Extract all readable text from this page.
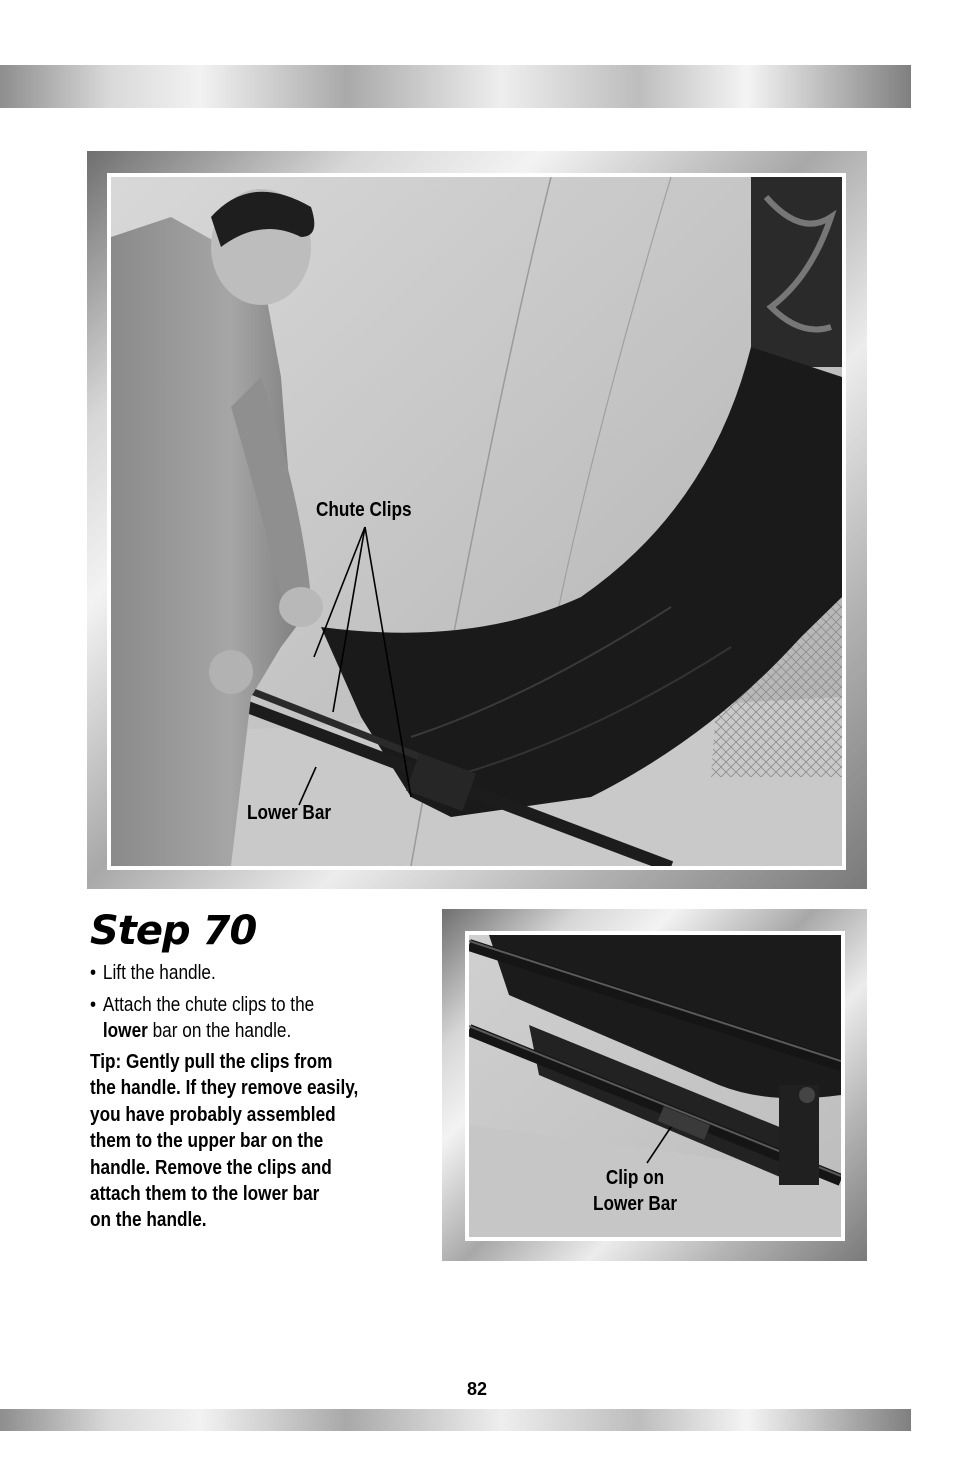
Chute Clips
Lower Bar
Step 70
• Lift the handle.
• Attach the chute clips to the
lower bar on the handle.
Tip: Gently pull the clips from
the handle. If they remove easily,
you have probably assembled
them to the upper bar on the
handle. Remove the clips and
attach them to the lower bar
on the handle.
Clip on
Lower Bar
82
